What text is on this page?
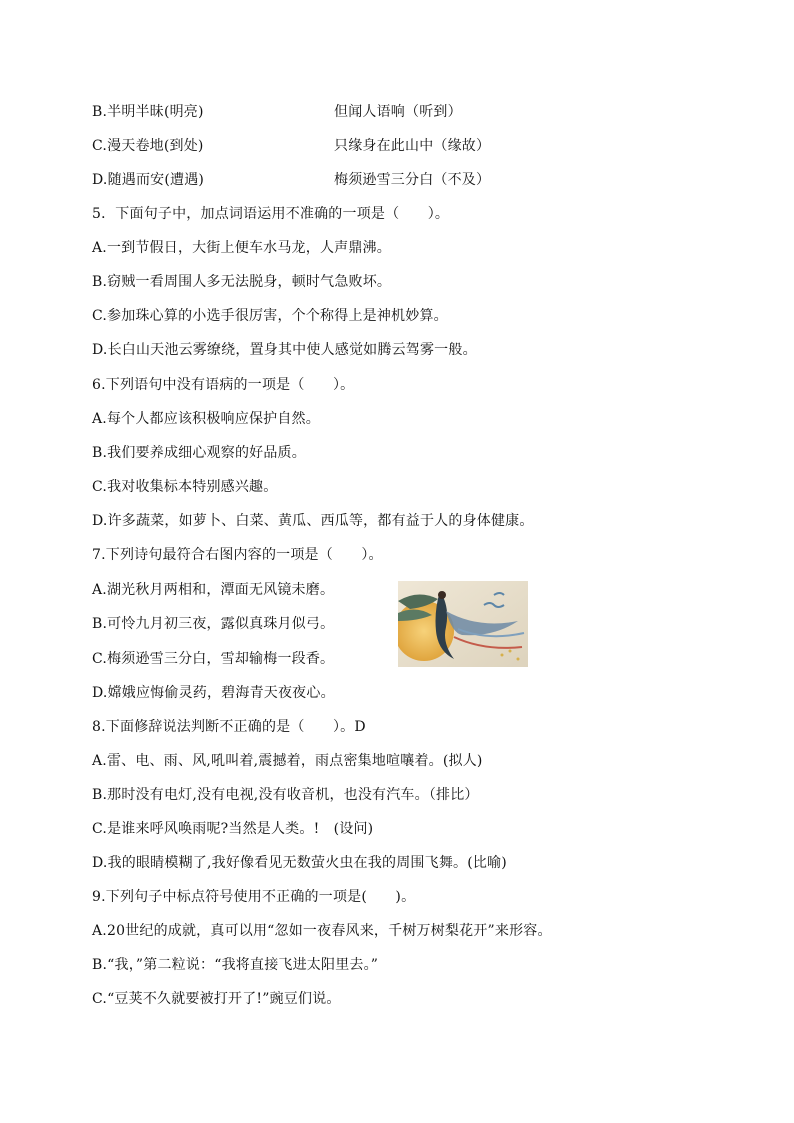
B.半明半昧(明亮)	但闻人语响（听到）
C.漫天卷地(到处)	只缘身在此山中（缘故）
D.随遇而安(遭遇)	梅须逊雪三分白（不及）
5．下面句子中，加点词语运用不准确的一项是（　　）。
A.一到节假日，大街上便车水马龙，人声鼎沸。
B.窃贼一看周围人多无法脱身，顿时气急败坏。
C.参加珠心算的小选手很厉害，个个称得上是神机妙算。
D.长白山天池云雾缭绕，置身其中使人感觉如腾云驾雾一般。
6.下列语句中没有语病的一项是（　　）。
A.每个人都应该积极响应保护自然。
B.我们要养成细心观察的好品质。
C.我对收集标本特别感兴趣。
D.许多蔬菜，如萝卜、白菜、黄瓜、西瓜等，都有益于人的身体健康。
7.下列诗句最符合右图内容的一项是（　　）。
A.湖光秋月两相和，潭面无风镜未磨。
B.可怜九月初三夜，露似真珠月似弓。
C.梅须逊雪三分白，雪却输梅一段香。
D.嫦娥应悔偷灵药，碧海青天夜夜心。
8.下面修辞说法判断不正确的是（　　）。D
A.雷、电、雨、风,吼叫着,震撼着，雨点密集地喧嚷着。(拟人)
B.那时没有电灯,没有电视,没有收音机，也没有汽车。（排比）
C.是谁来呼风唤雨呢?当然是人类。!　(设问)
D.我的眼睛模糊了,我好像看见无数萤火虫在我的周围飞舞。(比喻)
9.下列句子中标点符号使用不正确的一项是(　　)。
A.20世纪的成就，真可以用“忽如一夜春风来，千树万树梨花开”来形容。
B.“我，”第二粒说：“我将直接飞进太阳里去。”
C.“豆荚不久就要被打开了!”豌豆们说。
